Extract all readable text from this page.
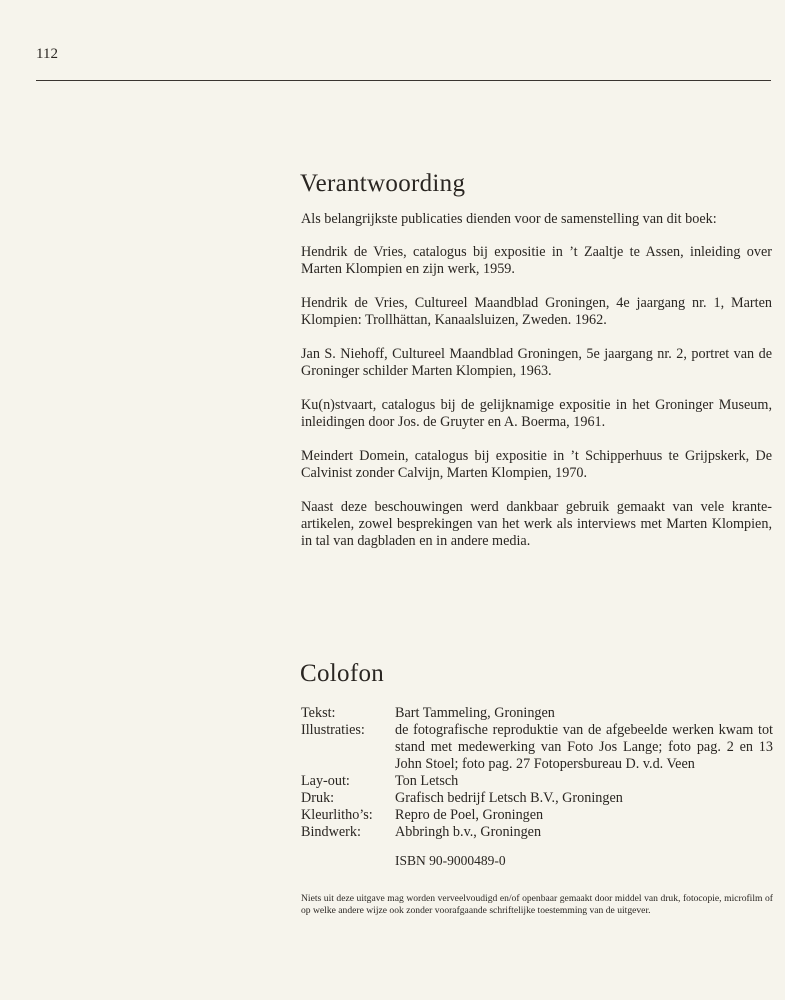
112
Verantwoording
Als belangrijkste publicaties dienden voor de samenstelling van dit boek:

Hendrik de Vries, catalogus bij expositie in ’t Zaaltje te Assen, inleiding over Marten Klompien en zijn werk, 1959.

Hendrik de Vries, Cultureel Maandblad Groningen, 4e jaargang nr. 1, Marten Klompien: Trollhättan, Kanaalsluizen, Zweden. 1962.

Jan S. Niehoff, Cultureel Maandblad Groningen, 5e jaargang nr. 2, portret van de Groninger schilder Marten Klompien, 1963.

Ku(n)stvaart, catalogus bij de gelijknamige expositie in het Groninger Museum, inleidingen door Jos. de Gruyter en A. Boerma, 1961.

Meindert Domein, catalogus bij expositie in ’t Schipperhuus te Grijpskerk, De Calvinist zonder Calvijn, Marten Klompien, 1970.

Naast deze beschouwingen werd dankbaar gebruik gemaakt van vele krante-artikelen, zowel besprekingen van het werk als interviews met Marten Klompien, in tal van dagbladen en in andere media.

Colofon
Tekst:	Bart Tammeling, Groningen
Illustraties:	de fotografische reproduktie van de afgebeelde werken kwam tot stand met medewerking van Foto Jos Lange; foto pag. 2 en 13 John Stoel; foto pag. 27 Fotopersbureau D. v.d. Veen
Lay-out:	Ton Letsch
Druk:	Grafisch bedrijf Letsch B.V., Groningen
Kleurlitho’s:	Repro de Poel, Groningen
Bindwerk:	Abbringh b.v., Groningen
ISBN 90-9000489-0
Niets uit deze uitgave mag worden verveelvoudigd en/of openbaar gemaakt door middel van druk, fotocopie, microfilm of op welke andere wijze ook zonder voorafgaande schriftelijke toestemming van de uitgever.
